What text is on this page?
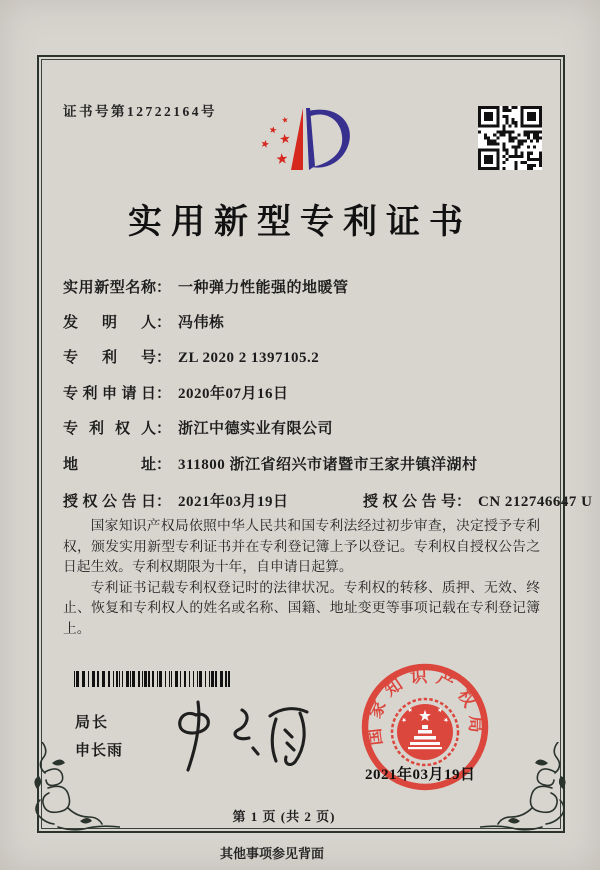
证书号第12722164号
实用新型专利证书
实用新型名称： 一种弹力性能强的地暖管
发明人： 冯伟栋
专利号： ZL 2020 2 1397105.2
专利申请日： 2020年07月16日
专利权人： 浙江中德实业有限公司
地址： 311800 浙江省绍兴市诸暨市王家井镇洋湖村
授权公告日： 2021年03月19日	授权公告号： CN 212746647 U

国家知识产权局依照中华人民共和国专利法经过初步审查，决定授予专利权，颁发实用新型专利证书并在专利登记簿上予以登记。专利权自授权公告之日起生效。专利权期限为十年，自申请日起算。

专利证书记载专利权登记时的法律状况。专利权的转移、质押、无效、终止、恢复和专利权人的姓名或名称、国籍、地址变更等事项记载在专利登记簿上。

局长
申长雨
国家知识产权局
2021年03月19日
第 1 页 (共 2 页)
其他事项参见背面
